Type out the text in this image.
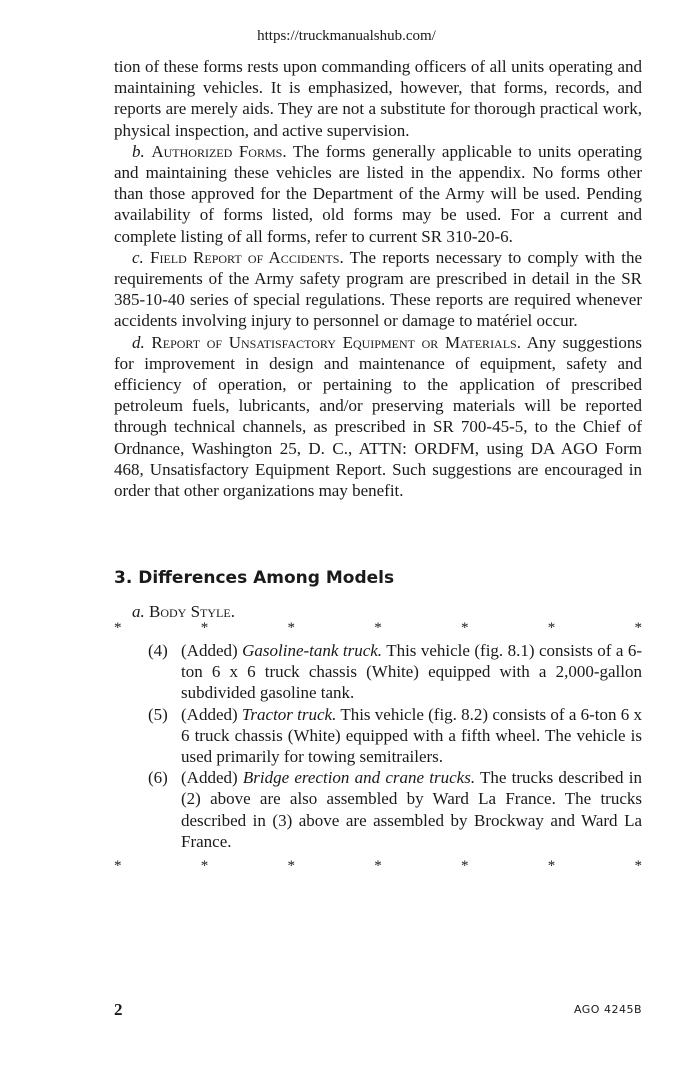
https://truckmanualshub.com/

tion of these forms rests upon commanding officers of all units operating and maintaining vehicles. It is emphasized, however, that forms, records, and reports are merely aids. They are not a substitute for thorough practical work, physical inspection, and active supervision.

b. Authorized Forms. The forms generally applicable to units operating and maintaining these vehicles are listed in the appendix. No forms other than those approved for the Department of the Army will be used. Pending availability of forms listed, old forms may be used. For a current and complete listing of all forms, refer to current SR 310-20-6.

c. Field Report of Accidents. The reports necessary to comply with the requirements of the Army safety program are prescribed in detail in the SR 385-10-40 series of special regulations. These reports are required whenever accidents involving injury to personnel or damage to matériel occur.

d. Report of Unsatisfactory Equipment or Materials. Any suggestions for improvement in design and maintenance of equipment, safety and efficiency of operation, or pertaining to the application of prescribed petroleum fuels, lubricants, and/or preserving materials will be reported through technical channels, as prescribed in SR 700-45-5, to the Chief of Ordnance, Washington 25, D. C., ATTN: ORDFM, using DA AGO Form 468, Unsatisfactory Equipment Report. Such suggestions are encouraged in order that other organizations may benefit.

3. Differences Among Models
a. Body Style.
*	*	*	*	*	*	*
(4) (Added) Gasoline-tank truck. This vehicle (fig. 8.1) consists of a 6-ton 6 x 6 truck chassis (White) equipped with a 2,000-gallon subdivided gasoline tank.
(5) (Added) Tractor truck. This vehicle (fig. 8.2) consists of a 6-ton 6 x 6 truck chassis (White) equipped with a fifth wheel. The vehicle is used primarily for towing semitrailers.
(6) (Added) Bridge erection and crane trucks. The trucks described in (2) above are also assembled by Ward La France. The trucks described in (3) above are assembled by Brockway and Ward La France.
*	*	*	*	*	*	*
2	AGO 4245B
